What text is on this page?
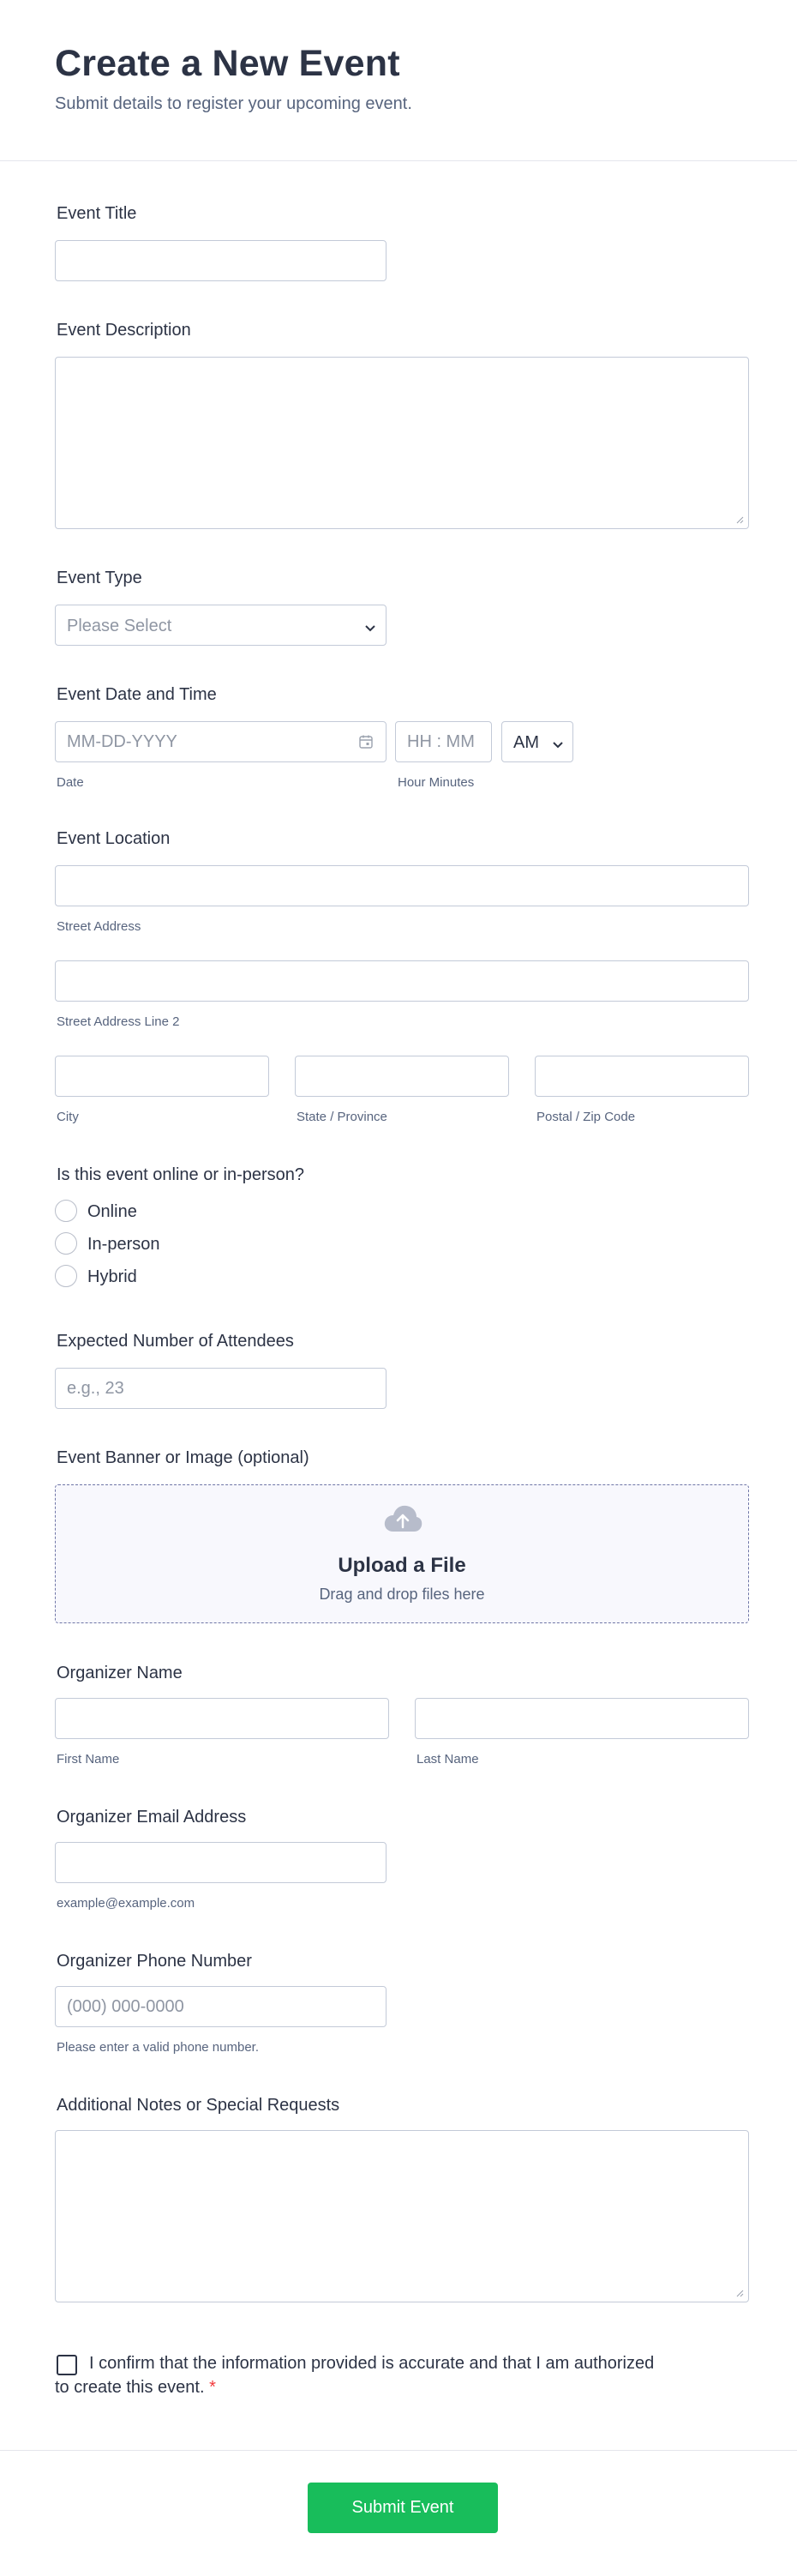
Create a New Event
Submit details to register your upcoming event.
Event Title
Event Description
Event Type
Please Select
Event Date and Time
MM-DD-YYYY
Date
HH : MM	Hour Minutes
AM
Event Location
Street Address
Street Address Line 2
City	State / Province	Postal / Zip Code
Is this event online or in-person?
Online
In-person
Hybrid
Expected Number of Attendees
e.g., 23
Event Banner or Image (optional)
Upload a File
Drag and drop files here
Organizer Name
First Name	Last Name
Organizer Email Address
example@example.com
Organizer Phone Number
(000) 000-0000
Please enter a valid phone number.
Additional Notes or Special Requests
I confirm that the information provided is accurate and that I am authorized to create this event. *
Submit Event
